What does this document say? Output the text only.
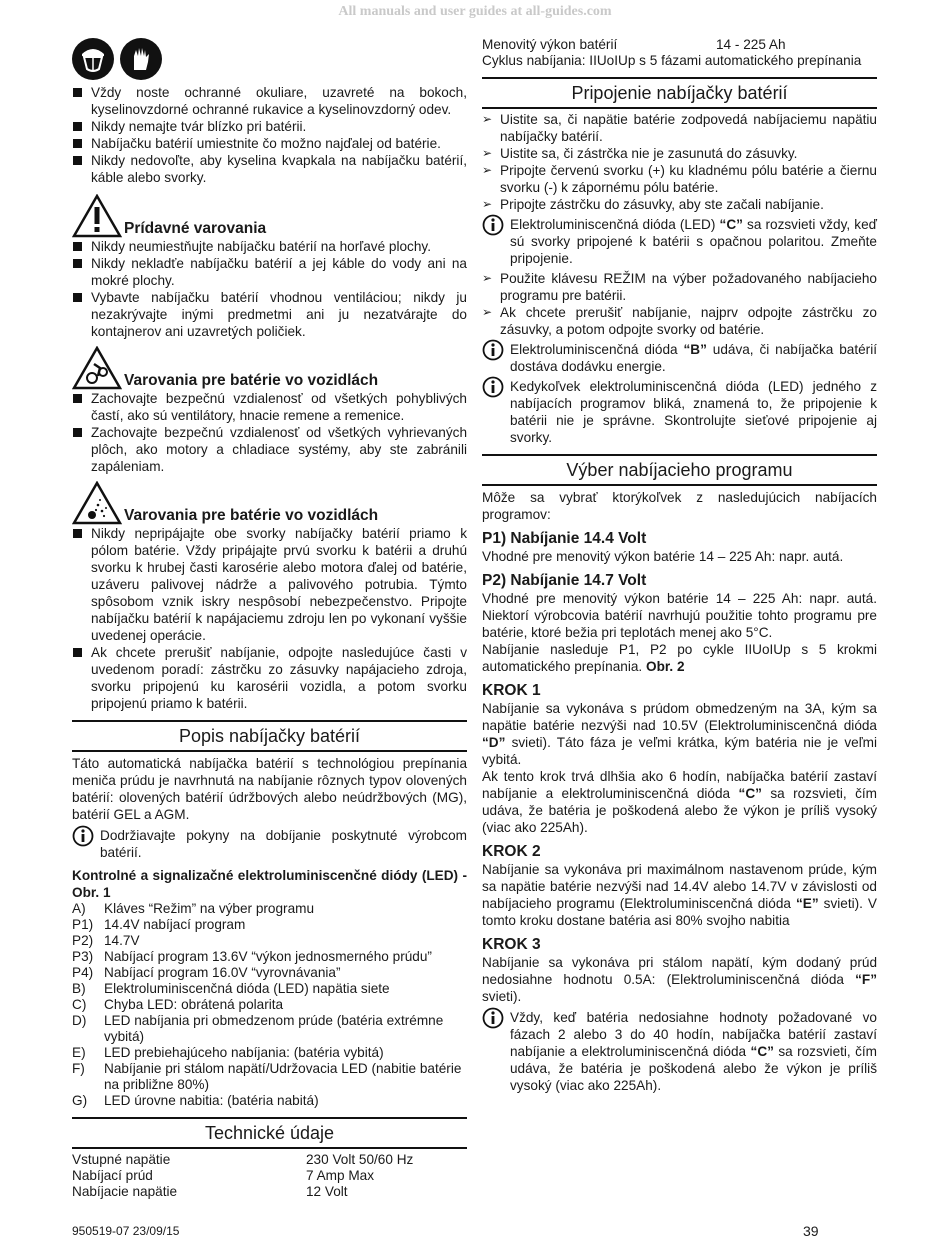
All manuals and user guides at all-guides.com
Vždy noste ochranné okuliare, uzavreté na bokoch, kyselinovzdorné ochranné rukavice a kyselinovzdorný odev.
Nikdy nemajte tvár blízko pri batérii.
Nabíjačku batérií umiestnite čo možno najďalej od batérie.
Nikdy nedovoľte, aby kyselina kvapkala na nabíjačku batérií, káble alebo svorky.
Prídavné varovania
Nikdy neumiestňujte nabíjačku batérií na horľavé plochy.
Nikdy nekladťe nabíjačku batérií a jej káble do vody ani na mokré plochy.
Vybavte nabíjačku batérií vhodnou ventiláciou; nikdy ju nezakrývajte inými predmetmi ani ju nezatvárajte do kontajnerov ani uzavretých poličiek.
Varovania pre batérie vo vozidlách
Zachovajte bezpečnú vzdialenosť od všetkých pohyblivých častí, ako sú ventilátory, hnacie remene a remenice.
Zachovajte bezpečnú vzdialenosť od všetkých vyhrievaných plôch, ako motory a chladiace systémy, aby ste zabránili zapáleniam.
Varovania pre batérie vo vozidlách
Nikdy nepripájajte obe svorky nabíjačky batérií priamo k pólom batérie. Vždy pripájajte prvú svorku k batérii a druhú svorku k hrubej časti karosérie alebo motora ďalej od batérie, uzáveru palivovej nádrže a palivového potrubia. Týmto spôsobom vznik iskry nespôsobí nebezpečenstvo. Pripojte nabíjačku batérií k napájaciemu zdroju len po vykonaní vyššie uvedenej operácie.
Ak chcete prerušiť nabíjanie, odpojte nasledujúce časti v uvedenom poradí: zástrčku zo zásuvky napájacieho zdroja, svorku pripojenú ku karosérii vozidla, a potom svorku pripojenú priamo k batérii.
Popis nabíjačky batérií
Táto automatická nabíjačka batérií s technológiou prepínania meniča prúdu je navrhnutá na nabíjanie rôznych typov olovených batérií: olovených batérií údržbových alebo neúdržbových (MG), batérií GEL a AGM.
Dodržiavajte pokyny na dobíjanie poskytnuté výrobcom batérií.
Kontrolné a signalizačné elektroluminiscenčné diódy (LED) - Obr. 1
A)	Kláves “Režim” na výber programu
P1) 14.4V nabíjací program
P2) 14.7V
P3) Nabíjací program 13.6V “výkon jednosmerného prúdu”
P4) Nabíjací program 16.0V “vyrovnávania”
B)	Elektroluminiscenčná dióda (LED) napätia siete
C)	Chyba LED: obrátená polarita
D)	LED nabíjania pri obmedzenom prúde (batéria extrémne vybitá)
E)	LED prebiehajúceho nabíjania: (batéria vybitá)
F)	Nabíjanie pri stálom napätí/Udržovacia LED (nabitie batérie na približne 80%)
G)	LED úrovne nabitia: (batéria nabitá)
Technické údaje
Vstupné napätie	230 Volt 50/60 Hz
Nabíjací prúd	7 Amp Max
Nabíjacie napätie	12 Volt
Menovitý výkon batérií	14 - 225 Ah
Cyklus nabíjania: IIUoIUp s 5 fázami automatického prepínania
Pripojenie nabíjačky batérií
➢ Uistite sa, či napätie batérie zodpovedá nabíjaciemu napätiu nabíjačky batérií.
➢ Uistite sa, či zástrčka nie je zasunutá do zásuvky.
➢ Pripojte červenú svorku (+) ku kladnému pólu batérie a čiernu svorku (-) k zápornému pólu batérie.
➢ Pripojte zástrčku do zásuvky, aby ste začali nabíjanie.
Elektroluminiscenčná dióda (LED) “C” sa rozsvieti vždy, keď sú svorky pripojené k batérii s opačnou polaritou. Zmeňte pripojenie.
➢ Použite klávesu REŽIM na výber požadovaného nabíjacieho programu pre batérii.
➢ Ak chcete prerušiť nabíjanie, najprv odpojte zástrčku zo zásuvky, a potom odpojte svorky od batérie.
Elektroluminiscenčná dióda “B” udáva, či nabíjačka batérií dostáva dodávku energie.
Kedykoľvek elektroluminiscenčná dióda (LED) jedného z nabíjacích programov bliká, znamená to, že pripojenie k batérii nie je správne. Skontrolujte sieťové pripojenie aj svorky.
Výber nabíjacieho programu
Môže sa vybrať ktorýkoľvek z nasledujúcich nabíjacích programov:
P1) Nabíjanie 14.4 Volt
Vhodné pre menovitý výkon batérie 14 – 225 Ah: napr. autá.
P2) Nabíjanie 14.7 Volt
Vhodné pre menovitý výkon batérie 14 – 225 Ah: napr. autá. Niektorí výrobcovia batérií navrhujú použitie tohto programu pre batérie, ktoré bežia pri teplotách menej ako 5°C.
Nabíjanie nasleduje P1, P2 po cykle IIUoIUp s 5 krokmi automatického prepínania. Obr. 2
KROK 1
Nabíjanie sa vykonáva s prúdom obmedzeným na 3A, kým sa napätie batérie nezvýši nad 10.5V (Elektroluminiscenčná dióda “D” svieti). Táto fáza je veľmi krátka, kým batéria nie je veľmi vybitá.
Ak tento krok trvá dlhšia ako 6 hodín, nabíjačka batérií zastaví nabíjanie a elektroluminiscenčná dióda “C” sa rozsvieti, čím udáva, že batéria je poškodená alebo že výkon je príliš vysoký (viac ako 225Ah).
KROK 2
Nabíjanie sa vykonáva pri maximálnom nastavenom prúde, kým sa napätie batérie nezvýši nad 14.4V alebo 14.7V v závislosti od nabíjacieho programu (Elektroluminiscenčná dióda “E” svieti). V tomto kroku dostane batéria asi 80% svojho nabitia
KROK 3
Nabíjanie sa vykonáva pri stálom napätí, kým dodaný prúd nedosiahne hodnotu 0.5A: (Elektroluminiscenčná dióda “F” svieti).
Vždy, keď batéria nedosiahne hodnoty požadované vo fázach 2 alebo 3 do 40 hodín, nabíjačka batérií zastaví nabíjanie a elektroluminiscenčná dióda “C” sa rozsvieti, čím udáva, že batéria je poškodená alebo že výkon je príliš vysoký (viac ako 225Ah).
950519-07 23/09/15	39
